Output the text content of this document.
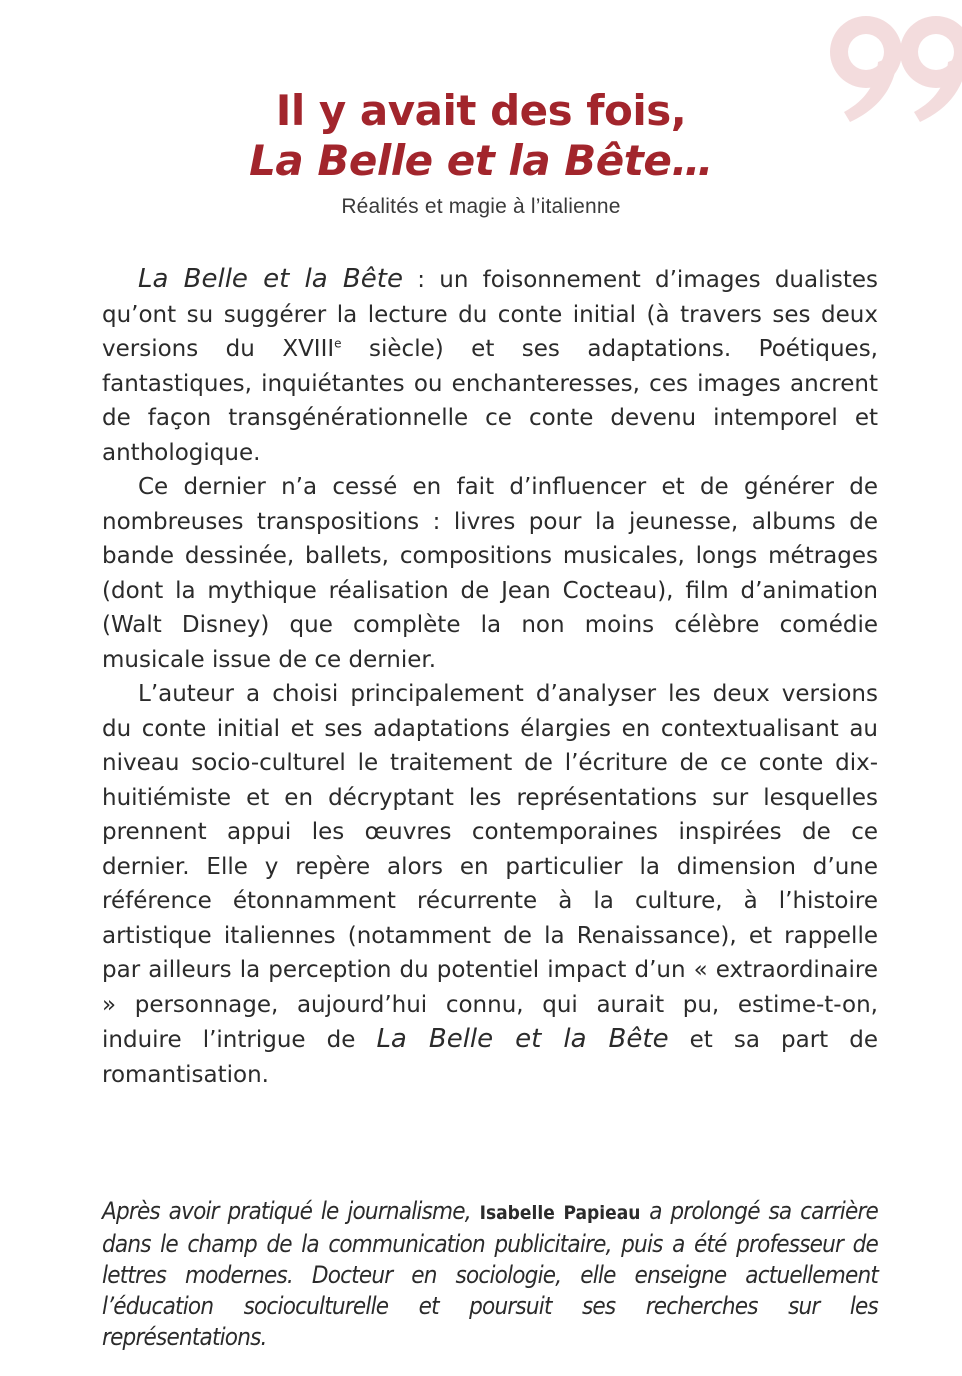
Il y avait des fois,
La Belle et la Bête…
Réalités et magie à l’italienne

La Belle et la Bête : un foisonnement d’images dualistes qu’ont su suggérer la lecture du conte initial (à travers ses deux versions du XVIIIe siècle) et ses adaptations. Poétiques, fantastiques, inquiétantes ou enchanteresses, ces images ancrent de façon transgénérationnelle ce conte devenu intemporel et anthologique.

Ce dernier n’a cessé en fait d’influencer et de générer de nombreuses transpositions : livres pour la jeunesse, albums de bande dessinée, ballets, compositions musicales, longs métrages (dont la mythique réalisation de Jean Cocteau), film d’animation (Walt Disney) que complète la non moins célèbre comédie musicale issue de ce dernier.

L’auteur a choisi principalement d’analyser les deux versions du conte initial et ses adaptations élargies en contextualisant au niveau socio-culturel le traitement de l’écriture de ce conte dix-huitiémiste et en décryptant les représentations sur lesquelles prennent appui les œuvres contemporaines inspirées de ce dernier. Elle y repère alors en particulier la dimension d’une référence étonnamment récurrente à la culture, à l’histoire artistique italiennes (notamment de la Renaissance), et rappelle par ailleurs la perception du potentiel impact d’un « extraordinaire » personnage, aujourd’hui connu, qui aurait pu, estime-t-on, induire l’intrigue de La Belle et la Bête et sa part de romantisation.

Après avoir pratiqué le journalisme, Isabelle Papieau a prolongé sa carrière dans le champ de la communication publicitaire, puis a été professeur de lettres modernes. Docteur en sociologie, elle enseigne actuellement l’éducation socioculturelle et poursuit ses recherches sur les représentations.
